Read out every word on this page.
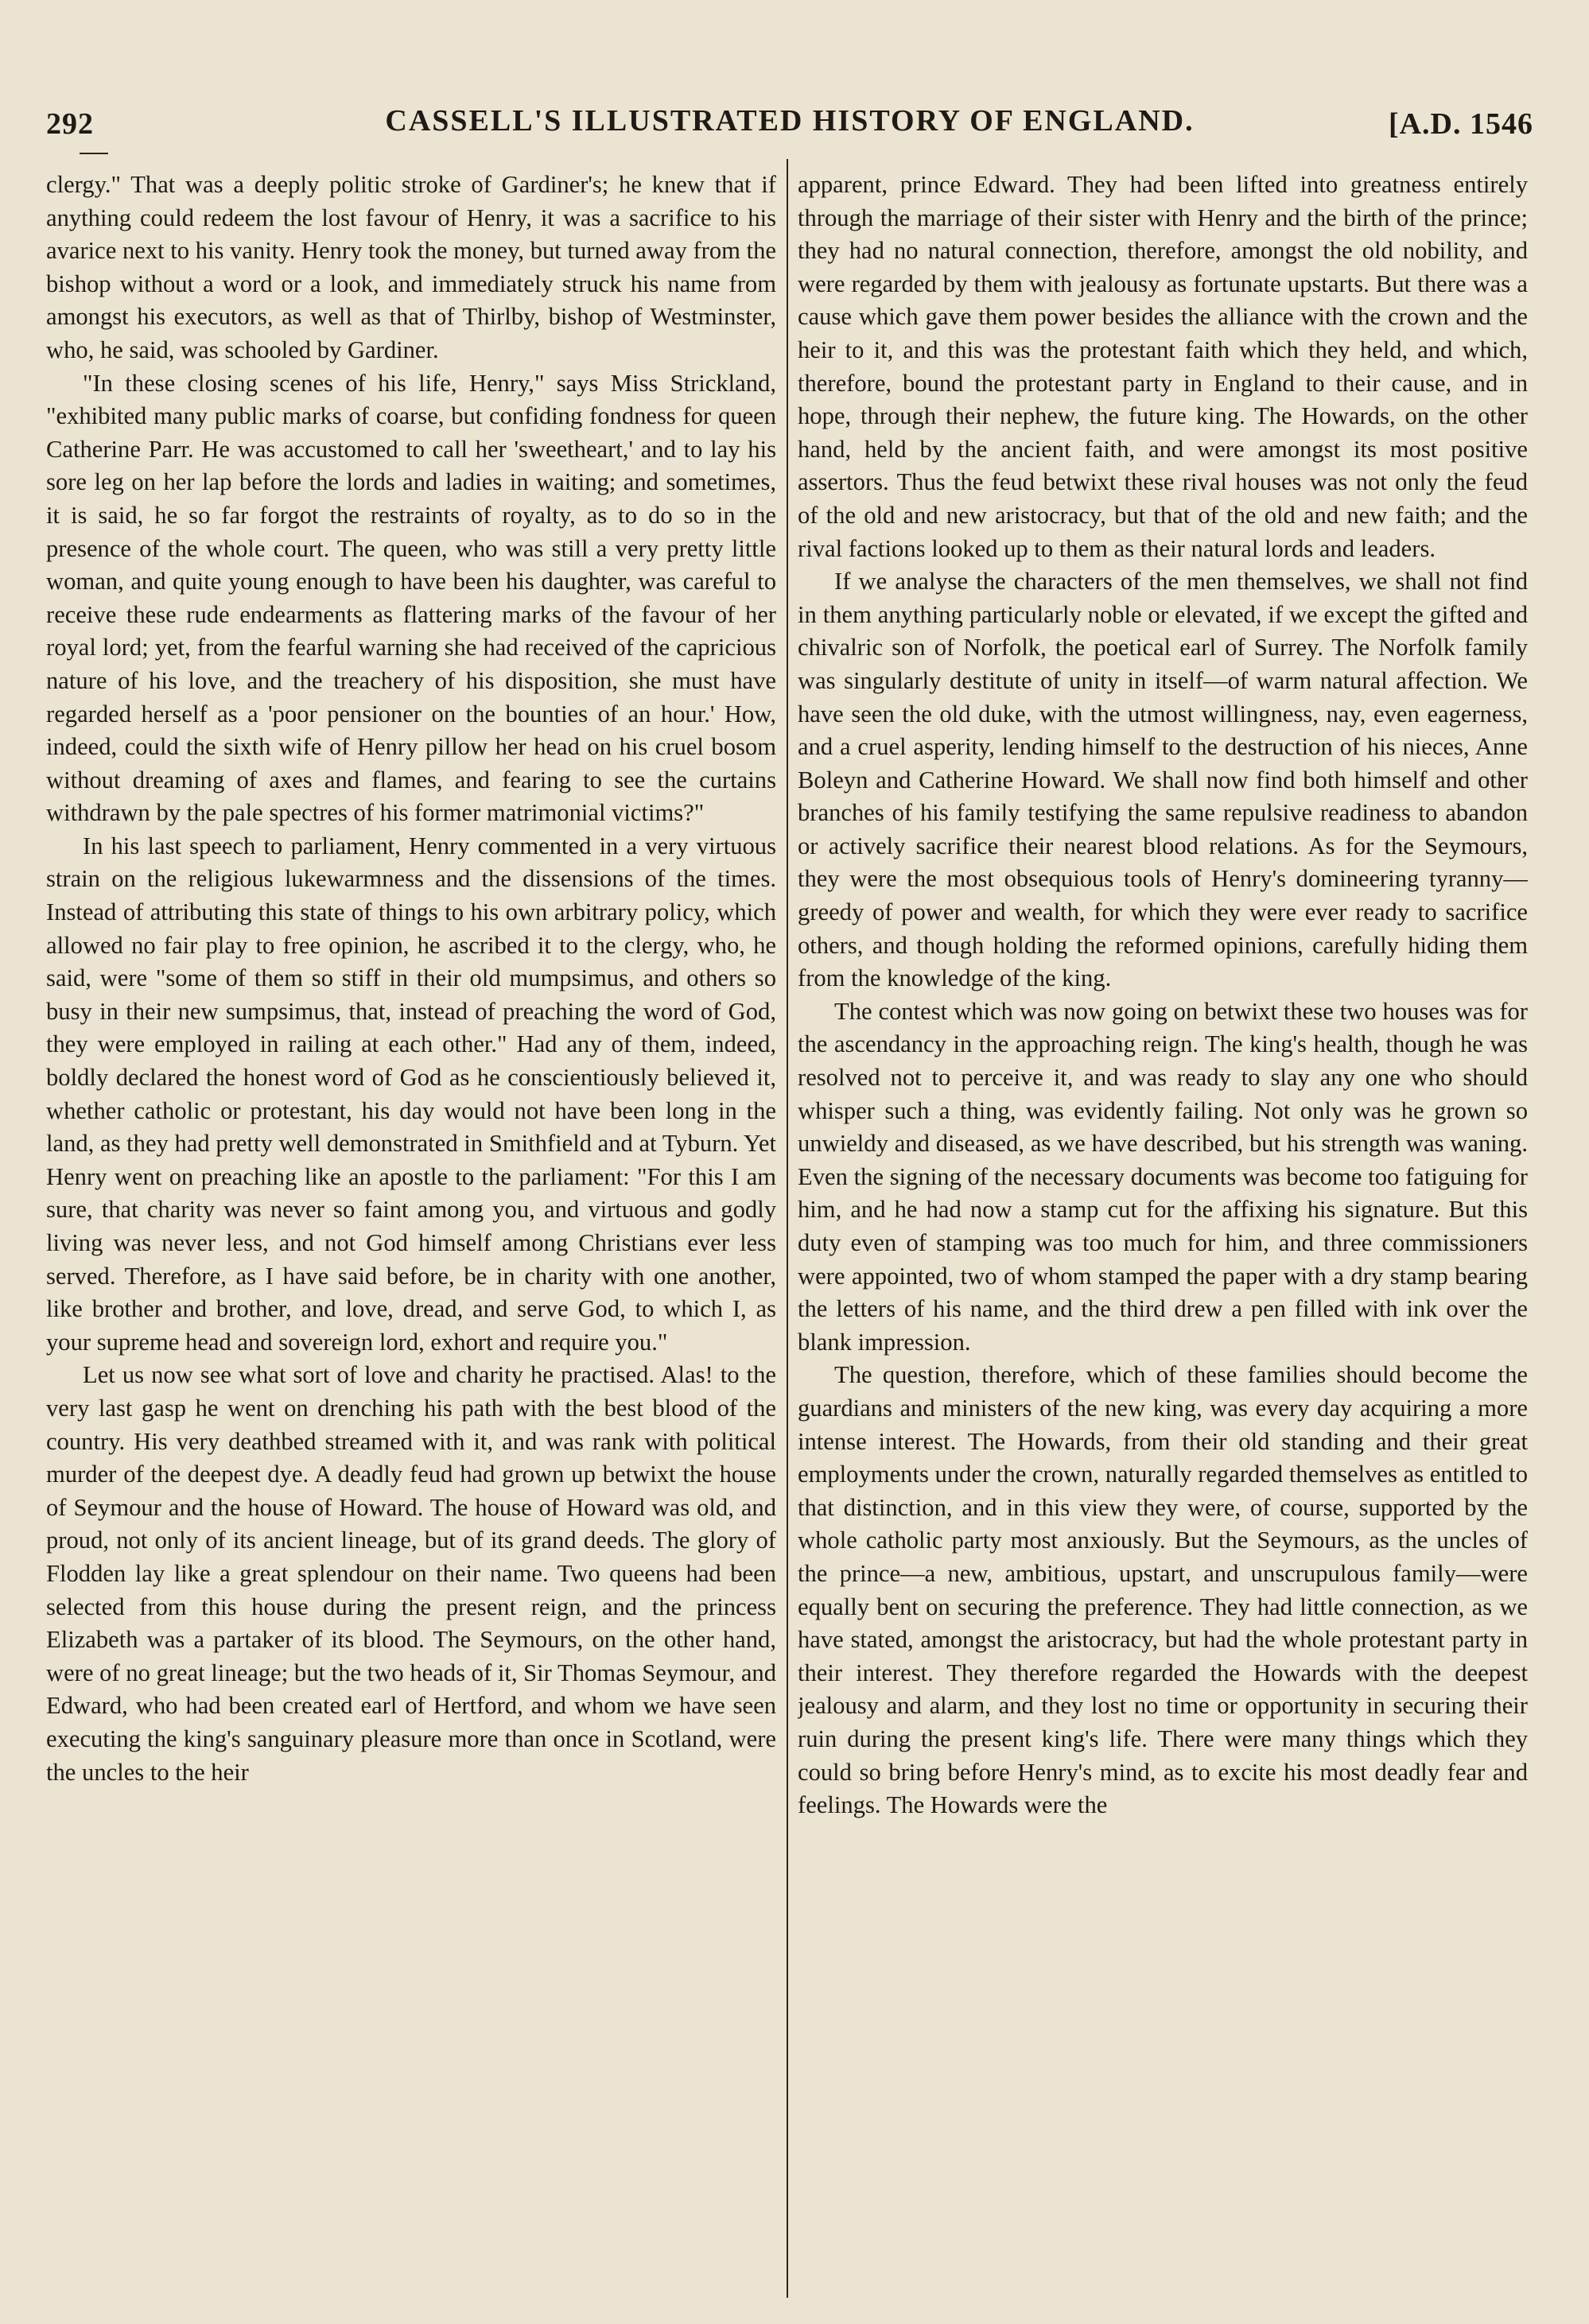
292	CASSELL'S ILLUSTRATED HISTORY OF ENGLAND.	[A.D. 1546

clergy." That was a deeply politic stroke of Gardiner's; he knew that if anything could redeem the lost favour of Henry, it was a sacrifice to his avarice next to his vanity. Henry took the money, but turned away from the bishop without a word or a look, and immediately struck his name from amongst his executors, as well as that of Thirlby, bishop of Westminster, who, he said, was schooled by Gardiner.

"In these closing scenes of his life, Henry," says Miss Strickland, "exhibited many public marks of coarse, but confiding fondness for queen Catherine Parr. He was accustomed to call her 'sweetheart,' and to lay his sore leg on her lap before the lords and ladies in waiting; and sometimes, it is said, he so far forgot the restraints of royalty, as to do so in the presence of the whole court. The queen, who was still a very pretty little woman, and quite young enough to have been his daughter, was careful to receive these rude endearments as flattering marks of the favour of her royal lord; yet, from the fearful warning she had received of the capricious nature of his love, and the treachery of his disposition, she must have regarded herself as a 'poor pensioner on the bounties of an hour.' How, indeed, could the sixth wife of Henry pillow her head on his cruel bosom without dreaming of axes and flames, and fearing to see the curtains withdrawn by the pale spectres of his former matrimonial victims?"

In his last speech to parliament, Henry commented in a very virtuous strain on the religious lukewarmness and the dissensions of the times. Instead of attributing this state of things to his own arbitrary policy, which allowed no fair play to free opinion, he ascribed it to the clergy, who, he said, were "some of them so stiff in their old mumpsimus, and others so busy in their new sumpsimus, that, instead of preaching the word of God, they were employed in railing at each other." Had any of them, indeed, boldly declared the honest word of God as he conscientiously believed it, whether catholic or protestant, his day would not have been long in the land, as they had pretty well demonstrated in Smithfield and at Tyburn. Yet Henry went on preaching like an apostle to the parliament: "For this I am sure, that charity was never so faint among you, and virtuous and godly living was never less, and not God himself among Christians ever less served. Therefore, as I have said before, be in charity with one another, like brother and brother, and love, dread, and serve God, to which I, as your supreme head and sovereign lord, exhort and require you."

Let us now see what sort of love and charity he practised. Alas! to the very last gasp he went on drenching his path with the best blood of the country. His very deathbed streamed with it, and was rank with political murder of the deepest dye. A deadly feud had grown up betwixt the house of Seymour and the house of Howard. The house of Howard was old, and proud, not only of its ancient lineage, but of its grand deeds. The glory of Flodden lay like a great splendour on their name. Two queens had been selected from this house during the present reign, and the princess Elizabeth was a partaker of its blood. The Seymours, on the other hand, were of no great lineage; but the two heads of it, Sir Thomas Seymour, and Edward, who had been created earl of Hertford, and whom we have seen executing the king's sanguinary pleasure more than once in Scotland, were the uncles to the heir

apparent, prince Edward. They had been lifted into greatness entirely through the marriage of their sister with Henry and the birth of the prince; they had no natural connection, therefore, amongst the old nobility, and were regarded by them with jealousy as fortunate upstarts. But there was a cause which gave them power besides the alliance with the crown and the heir to it, and this was the protestant faith which they held, and which, therefore, bound the protestant party in England to their cause, and in hope, through their nephew, the future king. The Howards, on the other hand, held by the ancient faith, and were amongst its most positive assertors. Thus the feud betwixt these rival houses was not only the feud of the old and new aristocracy, but that of the old and new faith; and the rival factions looked up to them as their natural lords and leaders.

If we analyse the characters of the men themselves, we shall not find in them anything particularly noble or elevated, if we except the gifted and chivalric son of Norfolk, the poetical earl of Surrey. The Norfolk family was singularly destitute of unity in itself—of warm natural affection. We have seen the old duke, with the utmost willingness, nay, even eagerness, and a cruel asperity, lending himself to the destruction of his nieces, Anne Boleyn and Catherine Howard. We shall now find both himself and other branches of his family testifying the same repulsive readiness to abandon or actively sacrifice their nearest blood relations. As for the Seymours, they were the most obsequious tools of Henry's domineering tyranny—greedy of power and wealth, for which they were ever ready to sacrifice others, and though holding the reformed opinions, carefully hiding them from the knowledge of the king.

The contest which was now going on betwixt these two houses was for the ascendancy in the approaching reign. The king's health, though he was resolved not to perceive it, and was ready to slay any one who should whisper such a thing, was evidently failing. Not only was he grown so unwieldy and diseased, as we have described, but his strength was waning. Even the signing of the necessary documents was become too fatiguing for him, and he had now a stamp cut for the affixing his signature. But this duty even of stamping was too much for him, and three commissioners were appointed, two of whom stamped the paper with a dry stamp bearing the letters of his name, and the third drew a pen filled with ink over the blank impression.

The question, therefore, which of these families should become the guardians and ministers of the new king, was every day acquiring a more intense interest. The Howards, from their old standing and their great employments under the crown, naturally regarded themselves as entitled to that distinction, and in this view they were, of course, supported by the whole catholic party most anxiously. But the Seymours, as the uncles of the prince—a new, ambitious, upstart, and unscrupulous family—were equally bent on securing the preference. They had little connection, as we have stated, amongst the aristocracy, but had the whole protestant party in their interest. They therefore regarded the Howards with the deepest jealousy and alarm, and they lost no time or opportunity in securing their ruin during the present king's life. There were many things which they could so bring before Henry's mind, as to excite his most deadly fear and feelings. The Howards were the
